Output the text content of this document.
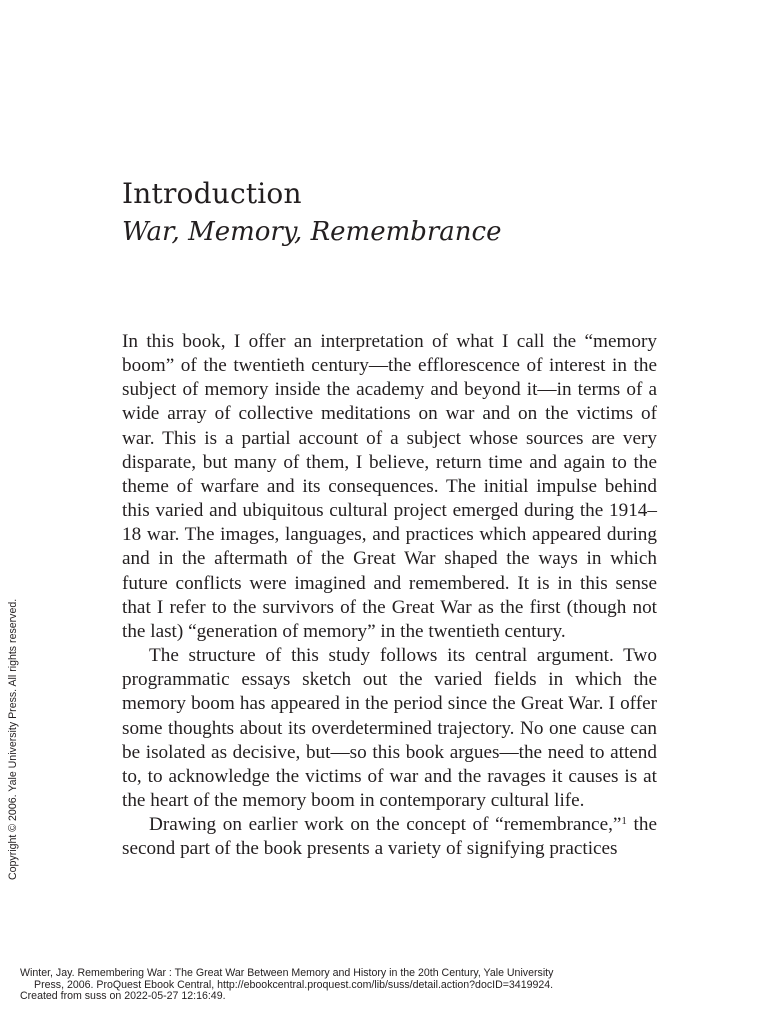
Introduction
War, Memory, Remembrance

In this book, I offer an interpretation of what I call the “memory boom” of the twentieth century—the efflorescence of interest in the subject of memory inside the academy and beyond it—in terms of a wide array of collective meditations on war and on the victims of war. This is a partial account of a subject whose sources are very disparate, but many of them, I believe, return time and again to the theme of warfare and its consequences. The initial impulse behind this varied and ubiquitous cultural project emerged during the 1914–18 war. The images, languages, and practices which appeared during and in the aftermath of the Great War shaped the ways in which future conflicts were imagined and remembered. It is in this sense that I refer to the survivors of the Great War as the first (though not the last) “generation of memory” in the twentieth century.

The structure of this study follows its central argument. Two programmatic essays sketch out the varied fields in which the memory boom has appeared in the period since the Great War. I offer some thoughts about its overdetermined trajectory. No one cause can be isolated as decisive, but—so this book argues—the need to attend to, to acknowledge the victims of war and the ravages it causes is at the heart of the memory boom in contemporary cultural life.

Drawing on earlier work on the concept of “remembrance,”$^1$ the second part of the book presents a variety of signifying practices

Copyright © 2006. Yale University Press. All rights reserved.
Winter, Jay. Remembering War : The Great War Between Memory and History in the 20th Century, Yale University
Press, 2006. ProQuest Ebook Central, http://ebookcentral.proquest.com/lib/suss/detail.action?docID=3419924.
Created from suss on 2022-05-27 12:16:49.
